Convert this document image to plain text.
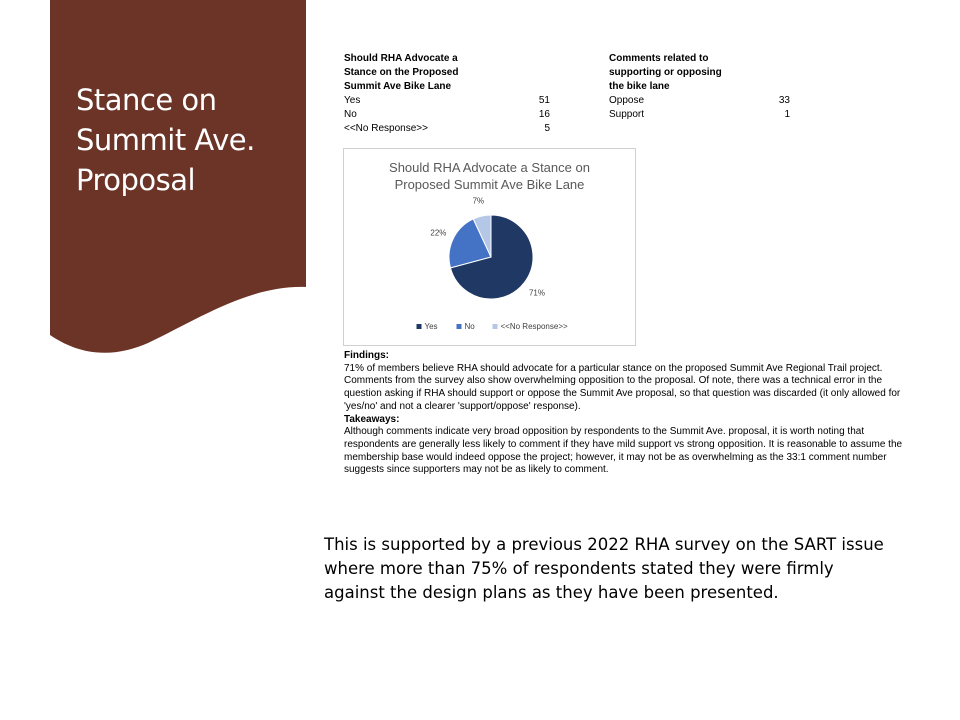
Stance on
Summit Ave.
Proposal
Should RHA Advocate a
Stance on the Proposed
Summit Ave Bike Lane
Yes	51
No	16
<<No Response>>	5
Comments related to
supporting or opposing
the bike lane
Oppose	33
Support	1
Should RHA Advocate a Stance on
Proposed Summit Ave Bike Lane
71%
22%
7%
Yes	No	<<No Response>>
Findings:
71% of members believe RHA should advocate for a particular stance on the proposed Summit Ave Regional Trail project. Comments from the survey also show overwhelming opposition to the proposal. Of note, there was a technical error in the question asking if RHA should support or oppose the Summit Ave proposal, so that question was discarded (it only allowed for 'yes/no' and not a clearer 'support/oppose' response).
Takeaways:
Although comments indicate very broad opposition by respondents to the Summit Ave. proposal, it is worth noting that respondents are generally less likely to comment if they have mild support vs strong opposition. It is reasonable to assume the membership base would indeed oppose the project; however, it may not be as overwhelming as the 33:1 comment number suggests since supporters may not be as likely to comment.
This is supported by a previous 2022 RHA survey on the SART issue where more than 75% of respondents stated they were firmly against the design plans as they have been presented.
